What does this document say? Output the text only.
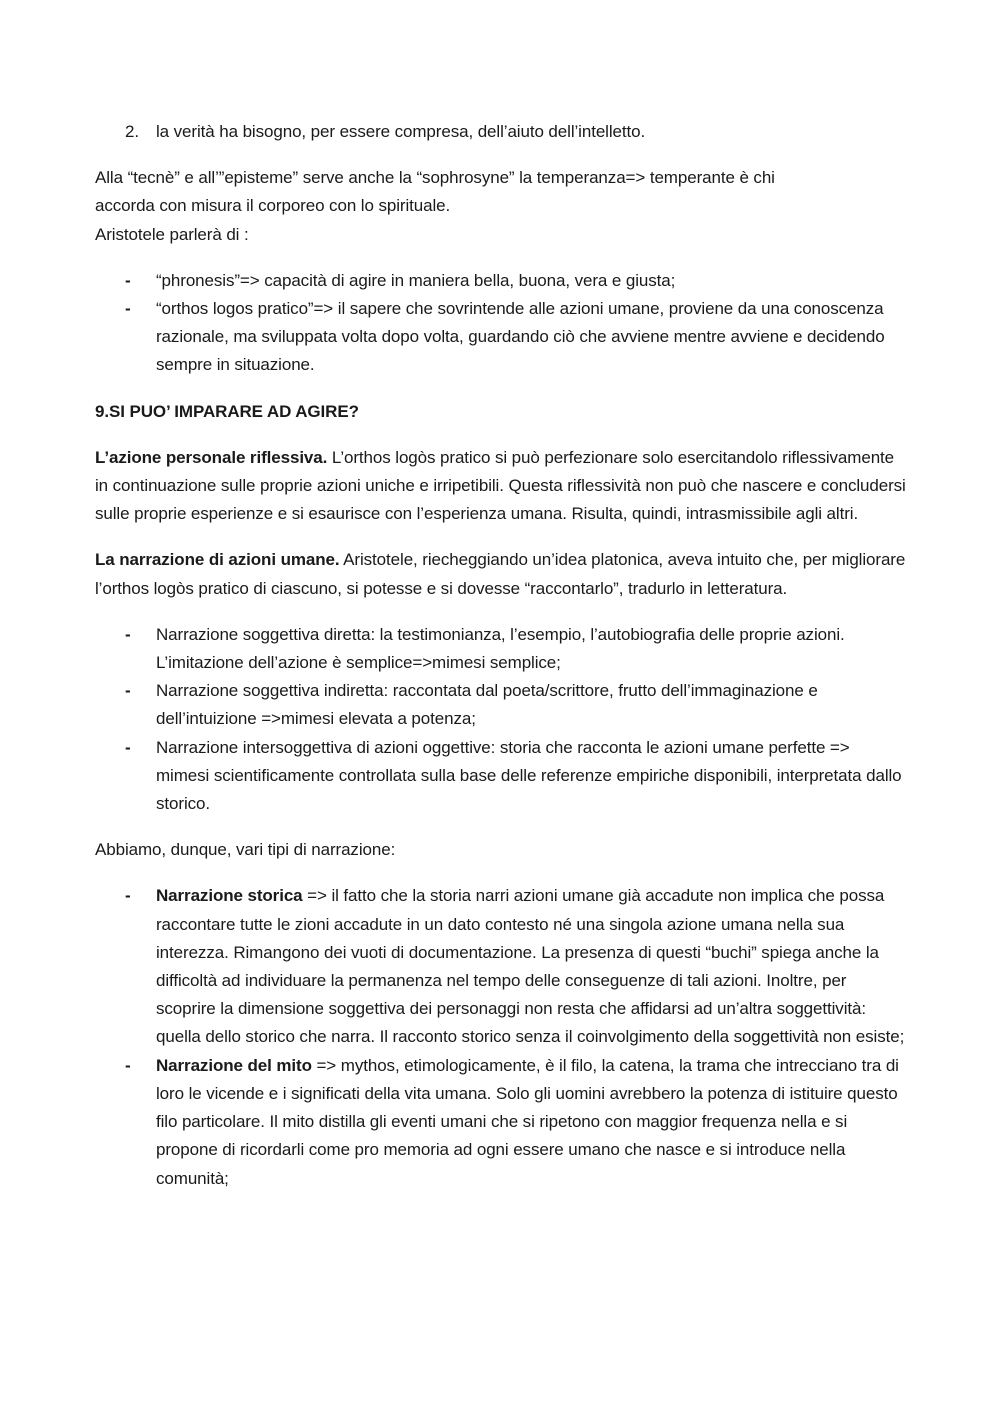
2. la verità ha bisogno, per essere compresa, dell’aiuto dell’intelletto.

Alla “tecnè” e all’”episteme” serve anche la “sophrosyne” la temperanza=> temperante è chi
accorda con misura il corporeo con lo spirituale.
Aristotele parlerà di :

- “phronesis”=> capacità di agire in maniera bella, buona, vera e giusta;
- “orthos logos pratico”=> il sapere che sovrintende alle azioni umane, proviene da una conoscenza razionale, ma sviluppata volta dopo volta, guardando ciò che avviene mentre avviene e decidendo sempre in situazione.

9.SI PUO’ IMPARARE AD AGIRE?

L’azione personale riflessiva. L’orthos logòs pratico si può perfezionare solo esercitandolo riflessivamente in continuazione sulle proprie azioni uniche e irripetibili. Questa riflessività non può che nascere e concludersi sulle proprie esperienze e si esaurisce con l’esperienza umana. Risulta, quindi, intrasmissibile agli altri.

La narrazione di azioni umane. Aristotele, riecheggiando un’idea platonica, aveva intuito che, per migliorare l’orthos logòs pratico di ciascuno, si potesse e si dovesse “raccontarlo”, tradurlo in letteratura.

- Narrazione soggettiva diretta: la testimonianza, l’esempio, l’autobiografia delle proprie azioni. L’imitazione dell’azione è semplice=>mimesi semplice;
- Narrazione soggettiva indiretta: raccontata dal poeta/scrittore, frutto dell’immaginazione e dell’intuizione =>mimesi elevata a potenza;
- Narrazione intersoggettiva di azioni oggettive: storia che racconta le azioni umane perfette => mimesi scientificamente controllata sulla base delle referenze empiriche disponibili, interpretata dallo storico.

Abbiamo, dunque, vari tipi di narrazione:

- Narrazione storica => il fatto che la storia narri azioni umane già accadute non implica che possa raccontare tutte le zioni accadute in un dato contesto né una singola azione umana nella sua interezza. Rimangono dei vuoti di documentazione. La presenza di questi “buchi” spiega anche la difficoltà ad individuare la permanenza nel tempo delle conseguenze di tali azioni. Inoltre, per scoprire la dimensione soggettiva dei personaggi non resta che affidarsi ad un’altra soggettività: quella dello storico che narra. Il racconto storico senza il coinvolgimento della soggettività non esiste;
- Narrazione del mito => mythos, etimologicamente, è il filo, la catena, la trama che intrecciano tra di loro le vicende e i significati della vita umana. Solo gli uomini avrebbero la potenza di istituire questo filo particolare. Il mito distilla gli eventi umani che si ripetono con maggior frequenza nella e si propone di ricordarli come pro memoria ad ogni essere umano che nasce e si introduce nella comunità;
